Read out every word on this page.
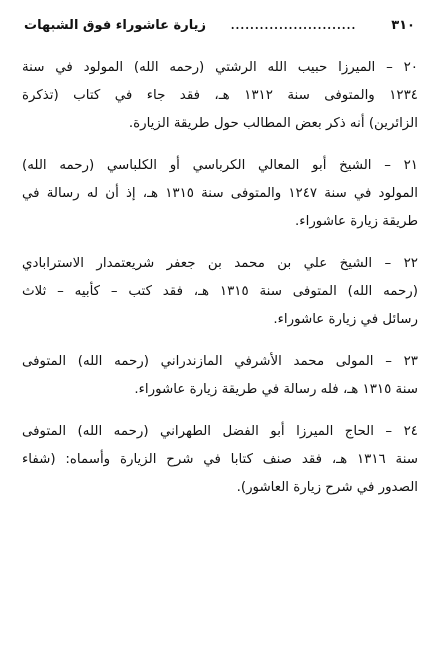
٣١٠
..........................
زيارة عاشوراء فوق الشبهات

٢٠ – الميرزا حبيب الله الرشتي (رحمه الله) المولود في سنة
١٢٣٤ والمتوفى سنة ١٣١٢ هـ، فقد جاء في كتاب (تذكرة
الزائرين) أنه ذكر بعض المطالب حول طريقة الزيارة.

٢١ – الشيخ أبو المعالي الكرباسي أو الكلباسي (رحمه الله)
المولود في سنة ١٢٤٧ والمتوفى سنة ١٣١٥ هـ، إذ أن له رسالة في
طريقة زيارة عاشوراء.

٢٢ – الشيخ علي بن محمد بن جعفر شريعتمدار الاسترابادي
(رحمه الله) المتوفى سنة ١٣١٥ هـ، فقد كتب – كأبيه – ثلاث
رسائل في زيارة عاشوراء.

٢٣ – المولى محمد الأشرفي المازندراني (رحمه الله) المتوفى
سنة ١٣١٥ هـ، فله رسالة في طريقة زيارة عاشوراء.

٢٤ – الحاج الميرزا أبو الفضل الطهراني (رحمه الله) المتوفى
سنة ١٣١٦ هـ، فقد صنف كتابا في شرح الزيارة وأسماه: (شفاء
الصدور في شرح زيارة العاشور).
